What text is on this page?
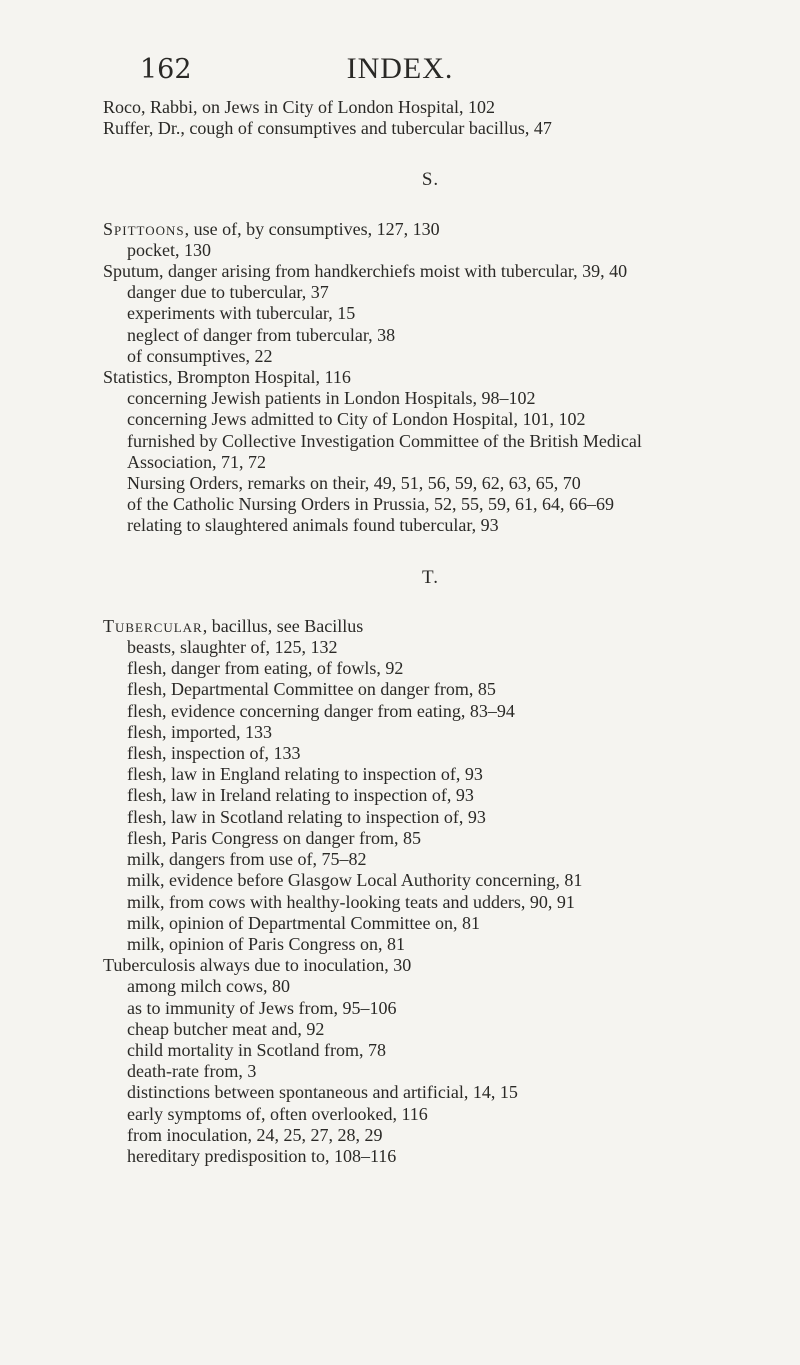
162	INDEX.
Roco, Rabbi, on Jews in City of London Hospital, 102
Ruffer, Dr., cough of consumptives and tubercular bacillus, 47
S.
Spittoons, use of, by consumptives, 127, 130
pocket, 130
Sputum, danger arising from handkerchiefs moist with tubercular, 39, 40
danger due to tubercular, 37
experiments with tubercular, 15
neglect of danger from tubercular, 38
of consumptives, 22
Statistics, Brompton Hospital, 116
concerning Jewish patients in London Hospitals, 98–102
concerning Jews admitted to City of London Hospital, 101, 102
furnished by Collective Investigation Committee of the British Medical
Association, 71, 72
Nursing Orders, remarks on their, 49, 51, 56, 59, 62, 63, 65, 70
of the Catholic Nursing Orders in Prussia, 52, 55, 59, 61, 64, 66–69
relating to slaughtered animals found tubercular, 93
T.
Tubercular, bacillus, see Bacillus
beasts, slaughter of, 125, 132
flesh, danger from eating, of fowls, 92
flesh, Departmental Committee on danger from, 85
flesh, evidence concerning danger from eating, 83–94
flesh, imported, 133
flesh, inspection of, 133
flesh, law in England relating to inspection of, 93
flesh, law in Ireland relating to inspection of, 93
flesh, law in Scotland relating to inspection of, 93
flesh, Paris Congress on danger from, 85
milk, dangers from use of, 75–82
milk, evidence before Glasgow Local Authority concerning, 81
milk, from cows with healthy-looking teats and udders, 90, 91
milk, opinion of Departmental Committee on, 81
milk, opinion of Paris Congress on, 81
Tuberculosis always due to inoculation, 30
among milch cows, 80
as to immunity of Jews from, 95–106
cheap butcher meat and, 92
child mortality in Scotland from, 78
death-rate from, 3
distinctions between spontaneous and artificial, 14, 15
early symptoms of, often overlooked, 116
from inoculation, 24, 25, 27, 28, 29
hereditary predisposition to, 108–116
